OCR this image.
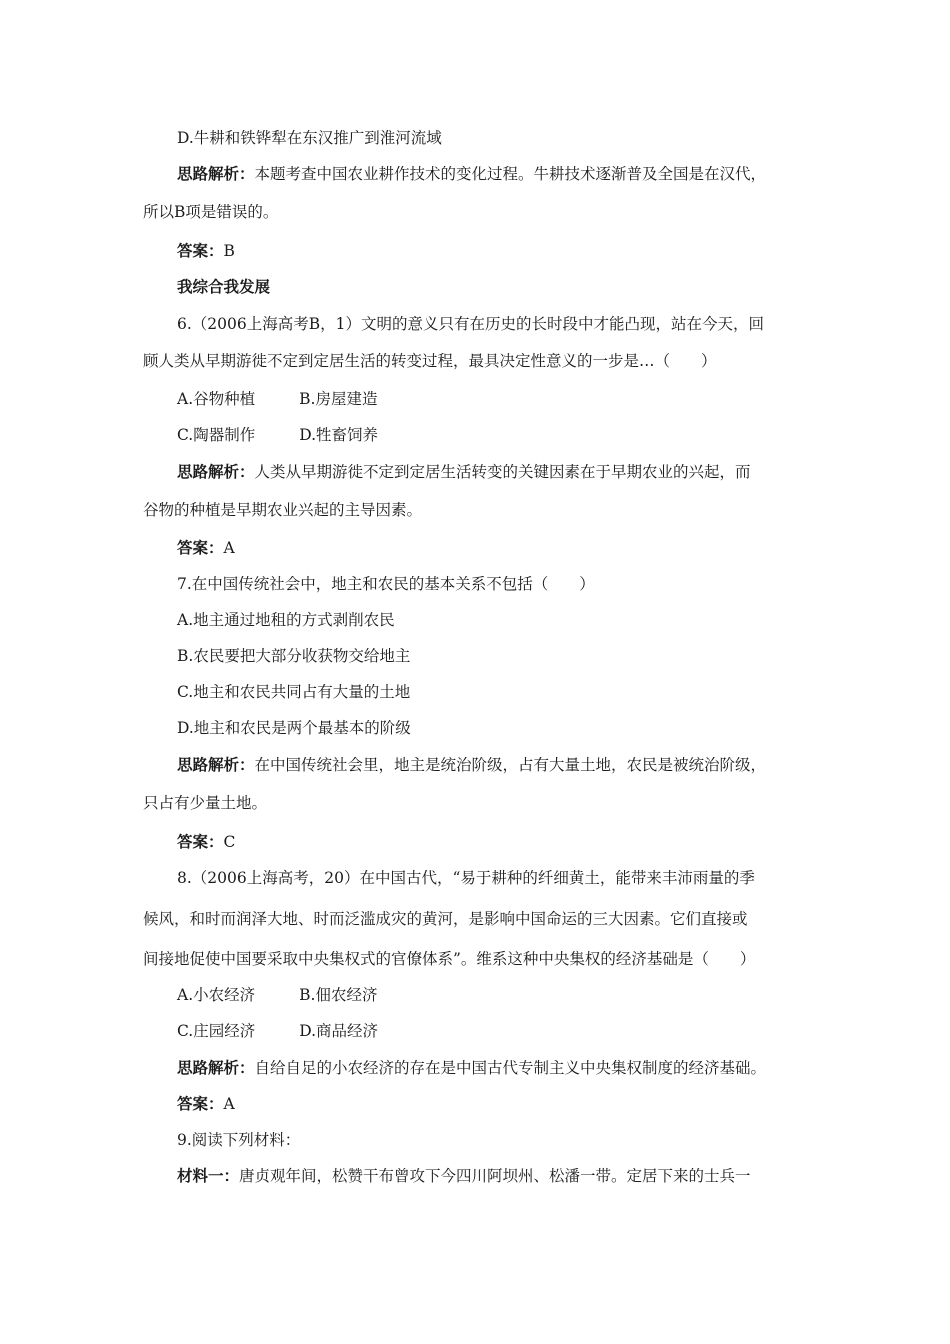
D.牛耕和铁铧犁在东汉推广到淮河流域
思路解析：本题考查中国农业耕作技术的变化过程。牛耕技术逐渐普及全国是在汉代，
所以B项是错误的。
答案：B
我综合我发展
6.（2006上海高考B，1）文明的意义只有在历史的长时段中才能凸现，站在今天，回
顾人类从早期游徙不定到定居生活的转变过程，最具决定性意义的一步是…（　　）
A.谷物种植	B.房屋建造
C.陶器制作	D.牲畜饲养
思路解析：人类从早期游徙不定到定居生活转变的关键因素在于早期农业的兴起，而
谷物的种植是早期农业兴起的主导因素。
答案：A
7.在中国传统社会中，地主和农民的基本关系不包括（　　）
A.地主通过地租的方式剥削农民
B.农民要把大部分收获物交给地主
C.地主和农民共同占有大量的土地
D.地主和农民是两个最基本的阶级
思路解析：在中国传统社会里，地主是统治阶级，占有大量土地，农民是被统治阶级，
只占有少量土地。
答案：C
8.（2006上海高考，20）在中国古代，“易于耕种的纤细黄土，能带来丰沛雨量的季
候风，和时而润泽大地、时而泛滥成灾的黄河，是影响中国命运的三大因素。它们直接或
间接地促使中国要采取中央集权式的官僚体系”。维系这种中央集权的经济基础是（　　）
A.小农经济	B.佃农经济
C.庄园经济	D.商品经济
思路解析：自给自足的小农经济的存在是中国古代专制主义中央集权制度的经济基础。
答案：A
9.阅读下列材料：
材料一：唐贞观年间，松赞干布曾攻下今四川阿坝州、松潘一带。定居下来的士兵一
